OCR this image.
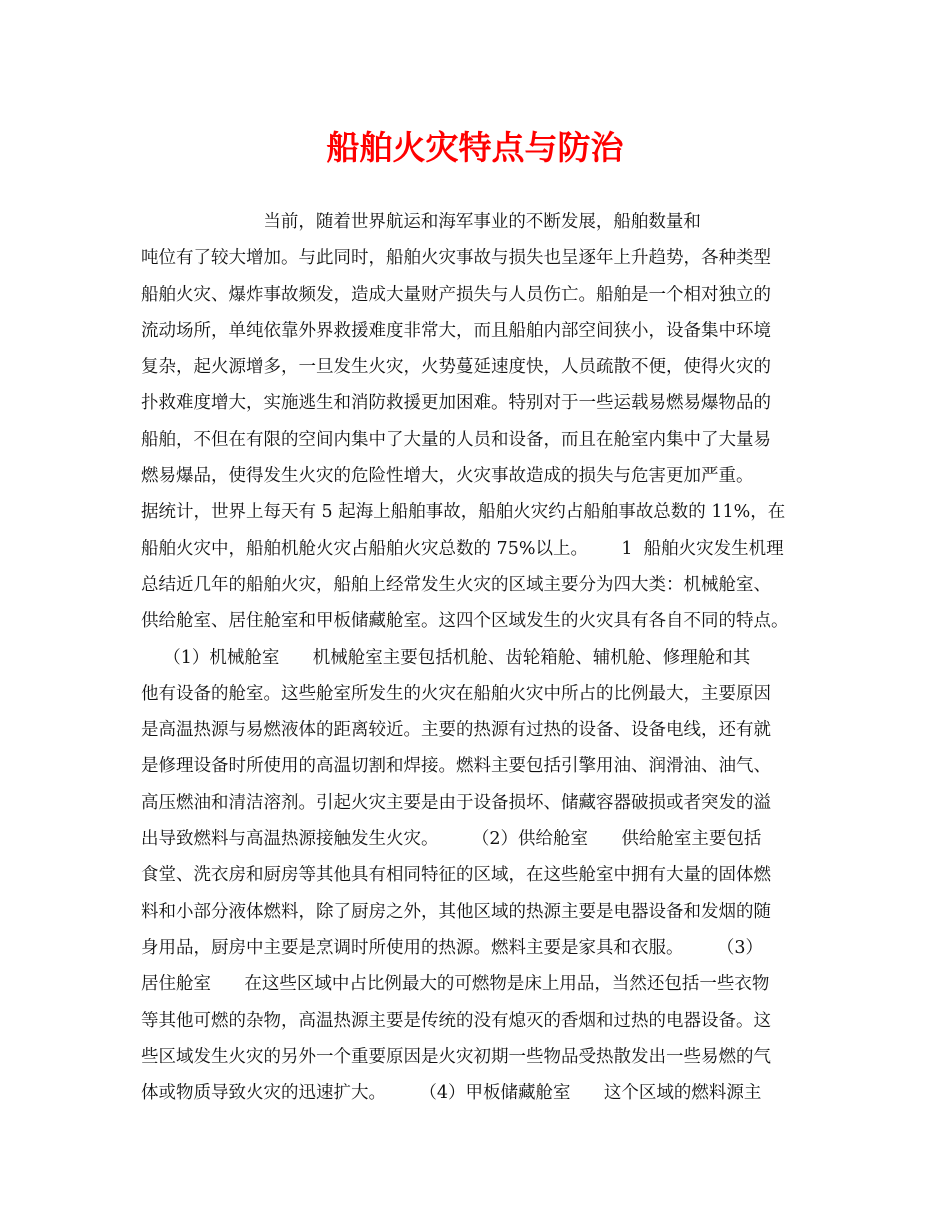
船舶火灾特点与防治
当前，随着世界航运和海军事业的不断发展，船舶数量和
吨位有了较大增加。与此同时，船舶火灾事故与损失也呈逐年上升趋势，各种类型
船舶火灾、爆炸事故频发，造成大量财产损失与人员伤亡。船舶是一个相对独立的
流动场所，单纯依靠外界救援难度非常大，而且船舶内部空间狭小，设备集中环境
复杂，起火源增多，一旦发生火灾，火势蔓延速度快，人员疏散不便，使得火灾的
扑救难度增大，实施逃生和消防救援更加困难。特别对于一些运载易燃易爆物品的
船舶，不但在有限的空间内集中了大量的人员和设备，而且在舱室内集中了大量易
燃易爆品，使得发生火灾的危险性增大，火灾事故造成的损失与危害更加严重。
据统计，世界上每天有 5 起海上船舶事故，船舶火灾约占船舶事故总数的 11%，在
船舶火灾中，船舶机舱火灾占船舶火灾总数的 75%以上。      1  船舶火灾发生机理
总结近几年的船舶火灾，船舶上经常发生火灾的区域主要分为四大类：机械舱室、
供给舱室、居住舱室和甲板储藏舱室。这四个区域发生的火灾具有各自不同的特点。
（1）机械舱室      机械舱室主要包括机舱、齿轮箱舱、辅机舱、修理舱和其
他有设备的舱室。这些舱室所发生的火灾在船舶火灾中所占的比例最大，主要原因
是高温热源与易燃液体的距离较近。主要的热源有过热的设备、设备电线，还有就
是修理设备时所使用的高温切割和焊接。燃料主要包括引擎用油、润滑油、油气、
高压燃油和清洁溶剂。引起火灾主要是由于设备损坏、储藏容器破损或者突发的溢
出导致燃料与高温热源接触发生火灾。      （2）供给舱室      供给舱室主要包括
食堂、洗衣房和厨房等其他具有相同特征的区域，在这些舱室中拥有大量的固体燃
料和小部分液体燃料，除了厨房之外，其他区域的热源主要是电器设备和发烟的随
身用品，厨房中主要是烹调时所使用的热源。燃料主要是家具和衣服。      （3）
居住舱室      在这些区域中占比例最大的可燃物是床上用品，当然还包括一些衣物
等其他可燃的杂物，高温热源主要是传统的没有熄灭的香烟和过热的电器设备。这
些区域发生火灾的另外一个重要原因是火灾初期一些物品受热散发出一些易燃的气
体或物质导致火灾的迅速扩大。      （4）甲板储藏舱室      这个区域的燃料源主
